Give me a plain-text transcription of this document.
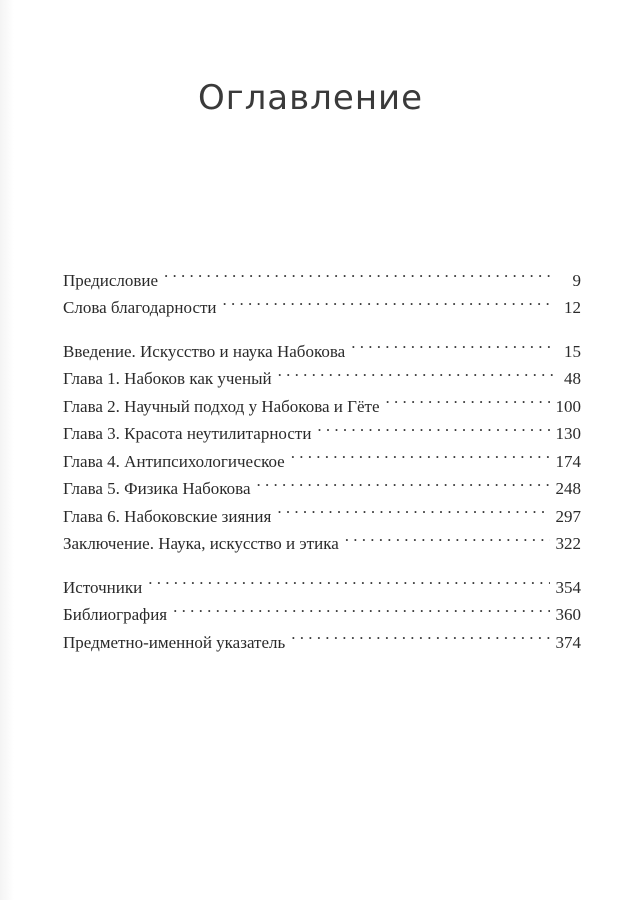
Оглавление
Предисловие . . .	9
Слова благодарности . . .	12
Введение. Искусство и наука Набокова . . .	15
Глава 1. Набоков как ученый . . .	48
Глава 2. Научный подход у Набокова и Гёте . . .	100
Глава 3. Красота неутилитарности . . .	130
Глава 4. Антипсихологическое . . .	174
Глава 5. Физика Набокова . . .	248
Глава 6. Набоковские зияния . . .	297
Заключение. Наука, искусство и этика . . .	322
Источники . . .	354
Библиография . . .	360
Предметно-именной указатель . . .	374
